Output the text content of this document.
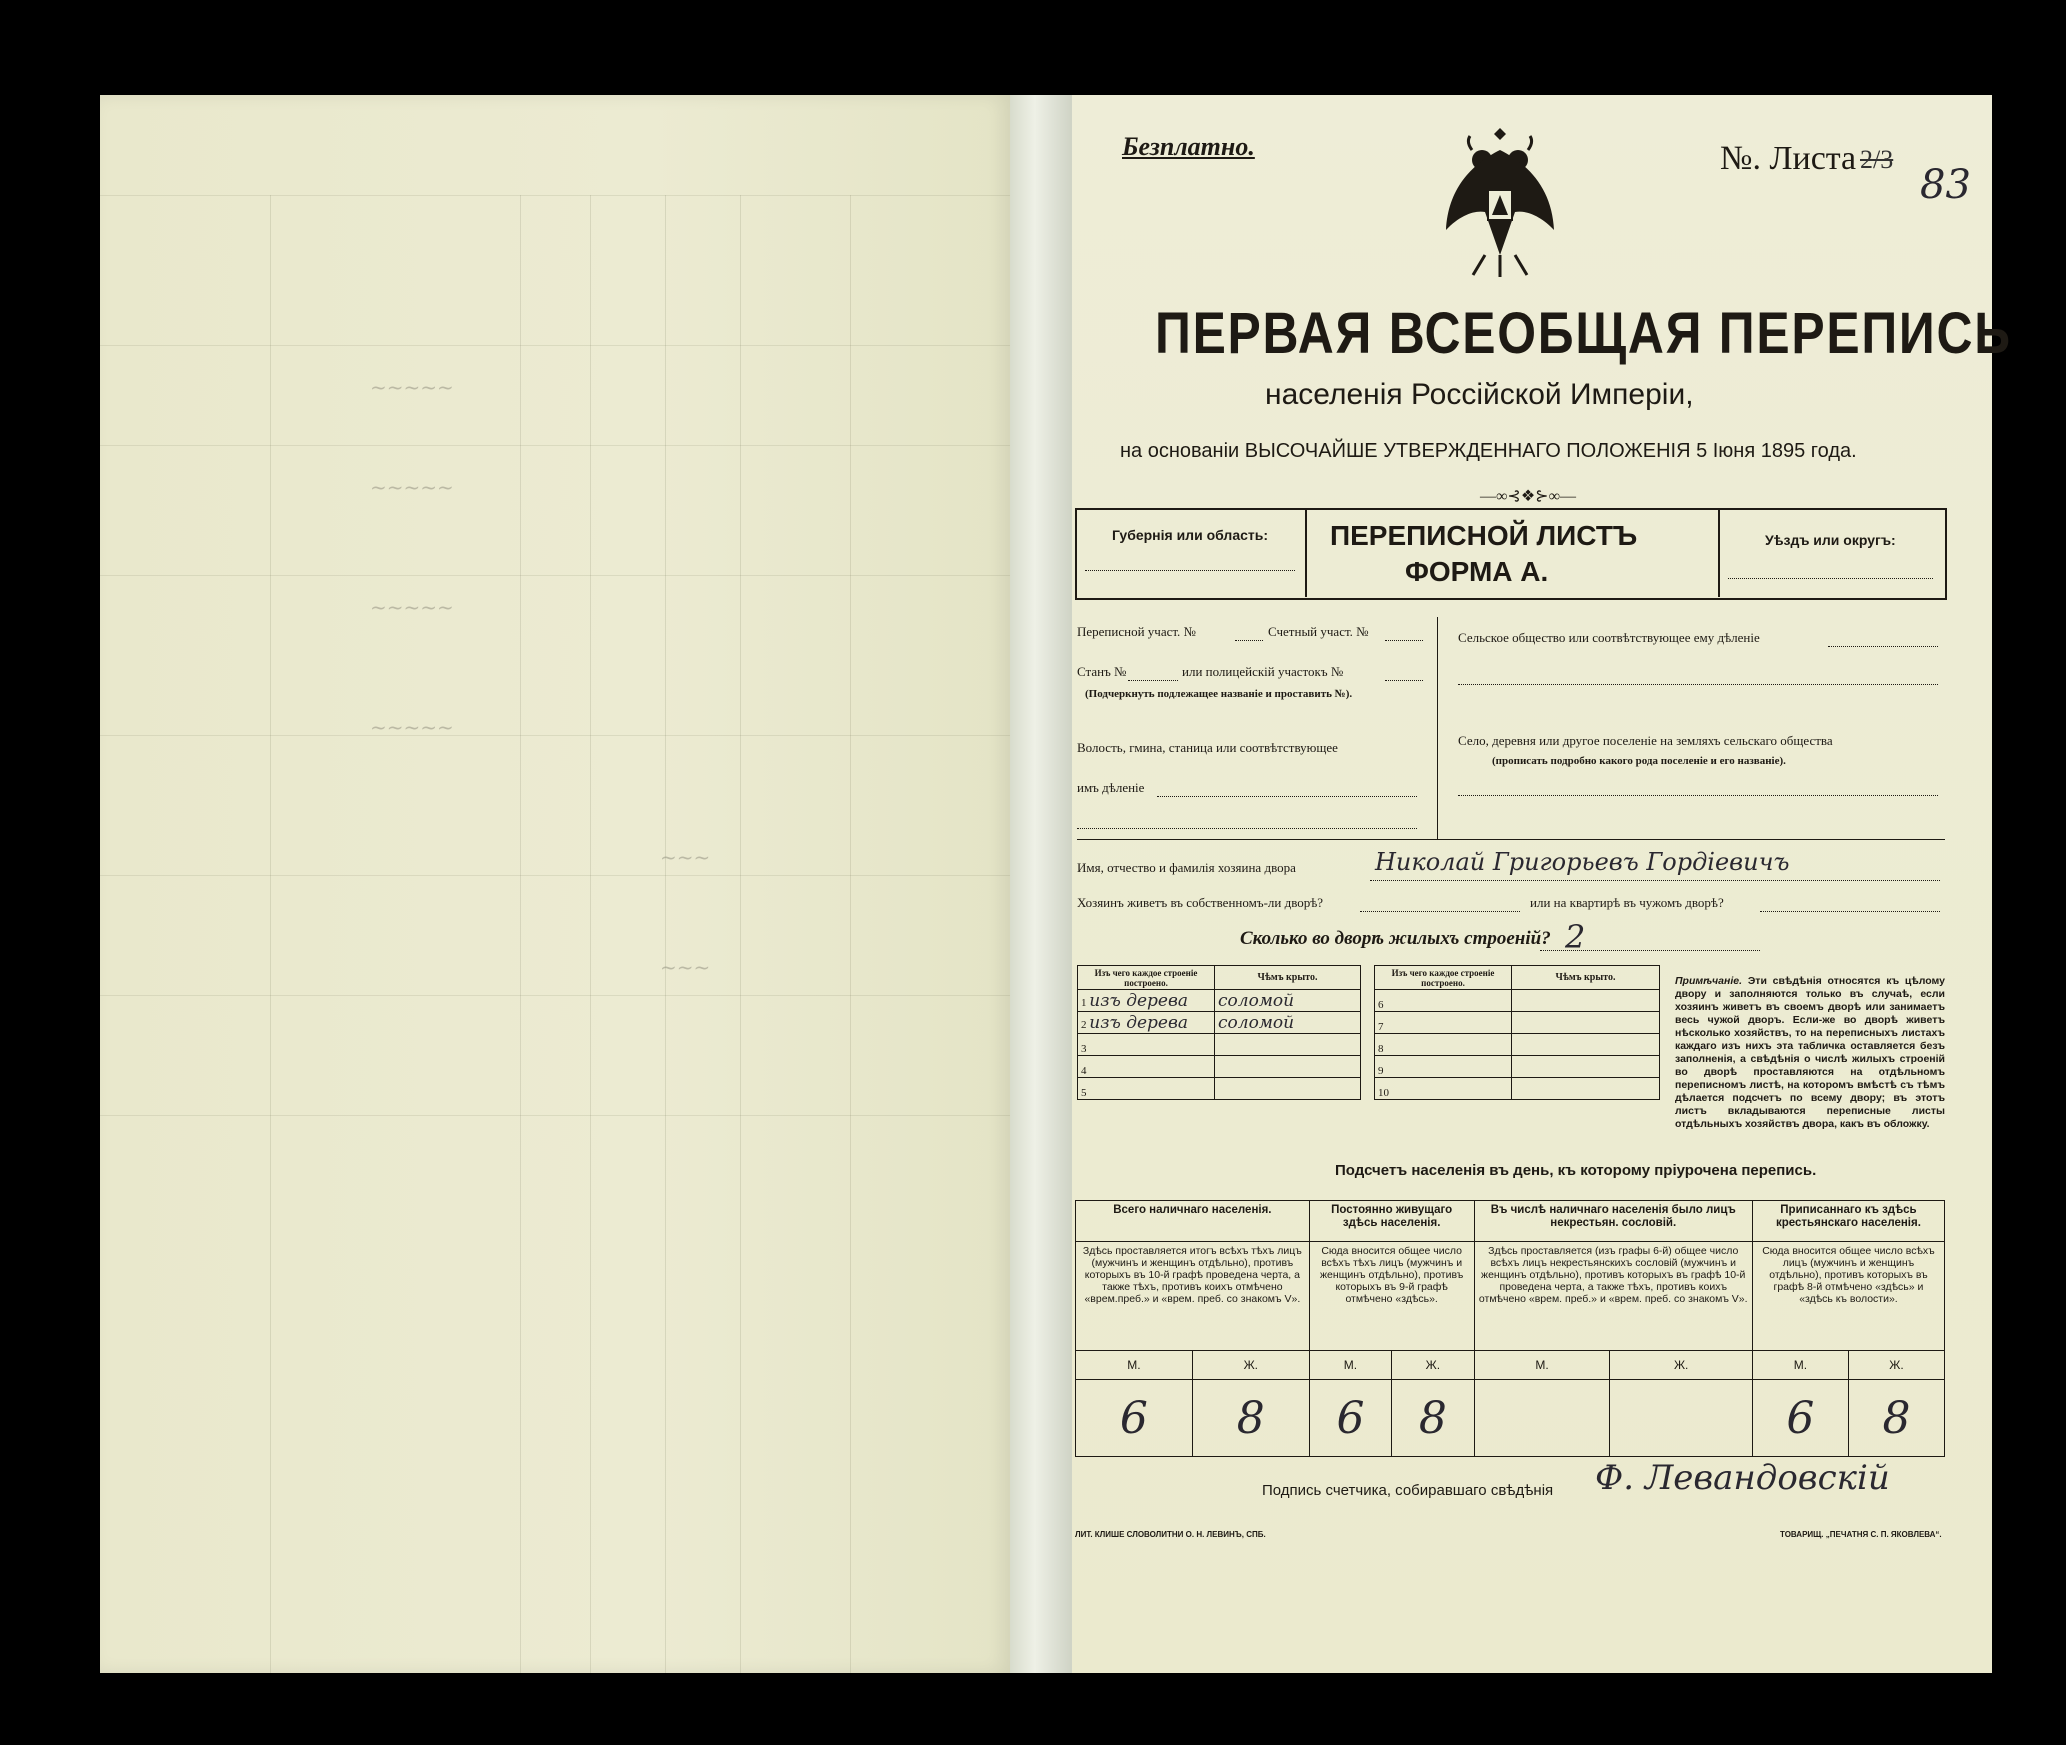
~~~~~
~~~~~
~~~~~
~~~~~
~~~
~~~
Безплатно.	№. Листа 2/3
83
ПЕРВАЯ ВСЕОБЩАЯ ПЕРЕПИСЬ
населенія Россійской Имперіи,
на основаніи ВЫСОЧАЙШЕ УТВЕРЖДЕННАГО ПОЛОЖЕНІЯ 5 Іюня 1895 года.
—∞⊰❖⊱∞—
Губернія или область: ПЕРЕПИСНОЙ ЛИСТЪ
ФОРМА А.
Уѣздъ или округъ:
Переписной участ. №	Счетный участ. №
Станъ №	или полицейскій участокъ №
(Подчеркнуть подлежащее названіе и проставить №).
Волость, гмина, станица или соотвѣтствующее
имъ дѣленіе
Сельское общество или соотвѣтствующее ему дѣленіе
Село, деревня или другое поселеніе на земляхъ сельскаго общества
(прописать подробно какого рода поселеніе и его названіе).
Имя, отчество и фамилія хозяина двора	Николай Григорьевъ Гордіевичъ
Хозяинъ живетъ въ собственномъ-ли дворѣ?	или на квартирѣ въ чужомъ дворѣ?
Сколько во дворѣ жилыхъ строеній? 2
Изъ чего каждое строеніе построено.	Чѣмъ крыто.
1 изъ дерева	соломой
2 изъ дерева	соломой
3	
4	
5	
Изъ чего каждое строеніе построено.	Чѣмъ крыто.
6	
7	
8	
9	
10	
Примѣчаніе. Эти свѣдѣнія относятся къ цѣлому двору и заполняются только въ случаѣ, если хозяинъ живетъ въ своемъ дворѣ или занимаетъ весь чужой дворъ. Если-же во дворѣ живетъ нѣсколько хозяйствъ, то на переписныхъ листахъ каждаго изъ нихъ эта табличка оставляется безъ заполненія, а свѣдѣнія о числѣ жилыхъ строеній во дворѣ проставляются на отдѣльномъ переписномъ листѣ, на которомъ вмѣстѣ съ тѣмъ дѣлается подсчетъ по всему двору; въ этотъ листъ вкладываются переписные листы отдѣльныхъ хозяйствъ двора, какъ въ обложку.
Подсчетъ населенія въ день, къ которому пріурочена перепись.
Всего наличнаго населенія.		Постоянно живущаго здѣсь населенія.		Въ числѣ наличнаго населенія было лицъ некрестьян. сословій.		Приписаннаго къ здѣсь крестьянскаго населенія.	
Здѣсь проставляется итогъ всѣхъ тѣхъ лицъ (мужчинъ и женщинъ отдѣльно), противъ которыхъ въ 10-й графѣ проведена черта, а также тѣхъ, противъ коихъ отмѣчено «врем.преб.» и «врем. преб. со знакомъ V».		Сюда вносится общее число всѣхъ тѣхъ лицъ (мужчинъ и женщинъ отдѣльно), противъ которыхъ въ 9-й графѣ отмѣчено «здѣсь».		Здѣсь проставляется (изъ графы 6-й) общее число всѣхъ лицъ некрестьянскихъ сословій (мужчинъ и женщинъ отдѣльно), противъ которыхъ въ графѣ 10-й проведена черта, а также тѣхъ, противъ коихъ отмѣчено «врем. преб.» и «врем. преб. со знакомъ V».		Сюда вносится общее число всѣхъ лицъ (мужчинъ и женщинъ отдѣльно), противъ которыхъ въ графѣ 8-й отмѣчено «здѣсь» и «здѣсь къ волости».	
М.	Ж.	М.	Ж.	М.	Ж.	М.	Ж.
6	8	6	8			6	8
Подпись счетчика, собиравшаго свѣдѣнія Ф. Левандовскій
ЛИТ. КЛИШЕ СЛОВОЛИТНИ О. Н. ЛЕВИНЪ, СПБ.	ТОВАРИЩ. „ПЕЧАТНЯ С. П. ЯКОВЛЕВА“.
